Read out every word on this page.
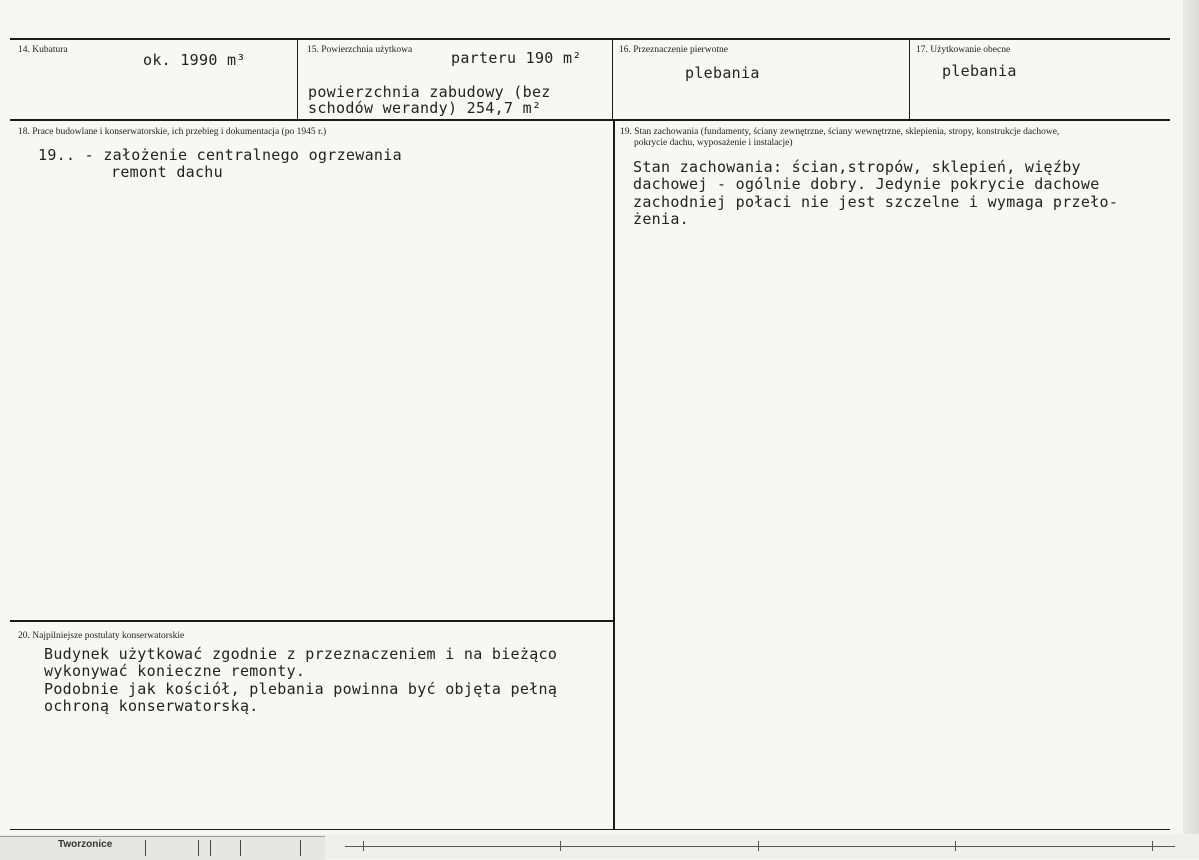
14. Kubatura
ok. 1990 m³
15. Powierzchnia użytkowa	parteru 190 m²
powierzchnia zabudowy (bez
schodów werandy) 254,7 m²
16. Przeznaczenie pierwotne
plebania
17. Użytkowanie obecne
plebania
18. Prace budowlane i konserwatorskie, ich przebieg i dokumentacja (po 1945 r.)
19.. - założenie centralnego ogrzewania
remont dachu
19. Stan zachowania (fundamenty, ściany zewnętrzne, ściany wewnętrzne, sklepienia, stropy, konstrukcje dachowe,
pokrycie dachu, wyposażenie i instalacje)
Stan zachowania: ścian,stropów, sklepień, więźby
dachowej - ogólnie dobry. Jedynie pokrycie dachowe
zachodniej połaci nie jest szczelne i wymaga przeło-
żenia.
20. Najpilniejsze postulaty konserwatorskie
Budynek użytkować zgodnie z przeznaczeniem i na bieżąco
wykonywać konieczne remonty.
Podobnie jak kościół, plebania powinna być objęta pełną
ochroną konserwatorską.
Tworzonice
